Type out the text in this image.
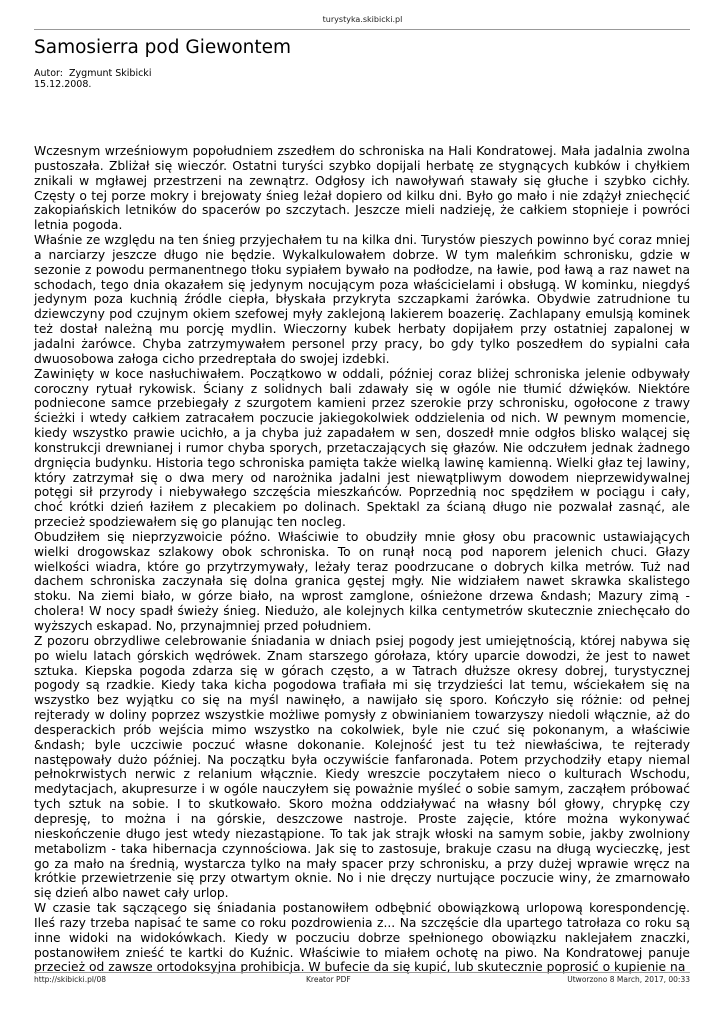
turystyka.skibicki.pl
Samosierra pod Giewontem
Autor: Zygmunt Skibicki
15.12.2008.

Wczesnym wrześniowym popołudniem zszedłem do schroniska na Hali Kondratowej. Mała jadalnia zwolna pustoszała. Zbliżał się wieczór. Ostatni turyści szybko dopijali herbatę ze stygnących kubków i chyłkiem znikali w mgławej przestrzeni na zewnątrz. Odgłosy ich nawoływań stawały się głuche i szybko cichły. Częsty o tej porze mokry i brejowaty śnieg leżał dopiero od kilku dni. Było go mało i nie zdążył zniechęcić zakopiańskich letników do spacerów po szczytach. Jeszcze mieli nadzieję, że całkiem stopnieje i powróci letnia pogoda.

Właśnie ze względu na ten śnieg przyjechałem tu na kilka dni. Turystów pieszych powinno być coraz mniej a narciarzy jeszcze długo nie będzie. Wykalkulowałem dobrze. W tym maleńkim schronisku, gdzie w sezonie z powodu permanentnego tłoku sypiałem bywało na podłodze, na ławie, pod ławą a raz nawet na schodach, tego dnia okazałem się jedynym nocującym poza właścicielami i obsługą. W kominku, niegdyś jedynym poza kuchnią źródle ciepła, błyskała przykryta szczapkami żarówka. Obydwie zatrudnione tu dziewczyny pod czujnym okiem szefowej myły zaklejoną lakierem boazerię. Zachlapany emulsją kominek też dostał należną mu porcję mydlin. Wieczorny kubek herbaty dopijałem przy ostatniej zapalonej w jadalni żarówce. Chyba zatrzymywałem personel przy pracy, bo gdy tylko poszedłem do sypialni cała dwuosobowa załoga cicho przedreptała do swojej izdebki.

Zawinięty w koce nasłuchiwałem. Początkowo w oddali, później coraz bliżej schroniska jelenie odbywały coroczny rytuał rykowisk. Ściany z solidnych bali zdawały się w ogóle nie tłumić dźwięków. Niektóre podniecone samce przebiegały z szurgotem kamieni przez szerokie przy schronisku, ogołocone z trawy ścieżki i wtedy całkiem zatracałem poczucie jakiegokolwiek oddzielenia od nich. W pewnym momencie, kiedy wszystko prawie ucichło, a ja chyba już zapadałem w sen, doszedł mnie odgłos blisko walącej się konstrukcji drewnianej i rumor chyba sporych, przetaczających się głazów. Nie odczułem jednak żadnego drgnięcia budynku. Historia tego schroniska pamięta także wielką lawinę kamienną. Wielki głaz tej lawiny, który zatrzymał się o dwa mery od narożnika jadalni jest niewątpliwym dowodem nieprzewidywalnej potęgi sił przyrody i niebywałego szczęścia mieszkańców. Poprzednią noc spędziłem w pociągu i cały, choć krótki dzień łaziłem z plecakiem po dolinach. Spektakl za ścianą długo nie pozwalał zasnąć, ale przecież spodziewałem się go planując ten nocleg.

Obudziłem się nieprzyzwoicie późno. Właściwie to obudziły mnie głosy obu pracownic ustawiających wielki drogowskaz szlakowy obok schroniska. To on runął nocą pod naporem jelenich chuci. Głazy wielkości wiadra, które go przytrzymywały, leżały teraz poodrzucane o dobrych kilka metrów. Tuż nad dachem schroniska zaczynała się dolna granica gęstej mgły. Nie widziałem nawet skrawka skalistego stoku. Na ziemi biało, w górze biało, na wprost zamglone, ośnieżone drzewa &ndash; Mazury zimą - cholera! W nocy spadł świeży śnieg. Niedużo, ale kolejnych kilka centymetrów skutecznie zniechęcało do wyższych eskapad. No, przynajmniej przed południem.

Z pozoru obrzydliwe celebrowanie śniadania w dniach psiej pogody jest umiejętnością, której nabywa się po wielu latach górskich wędrówek. Znam starszego górołaza, który uparcie dowodzi, że jest to nawet sztuka. Kiepska pogoda zdarza się w górach często, a w Tatrach dłuższe okresy dobrej, turystycznej pogody są rzadkie. Kiedy taka kicha pogodowa trafiała mi się trzydzieści lat temu, wściekałem się na wszystko bez wyjątku co się na myśl nawinęło, a nawijało się sporo. Kończyło się różnie: od pełnej rejterady w doliny poprzez wszystkie możliwe pomysły z obwinianiem towarzyszy niedoli włącznie, aż do desperackich prób wejścia mimo wszystko na cokolwiek, byle nie czuć się pokonanym, a właściwie &ndash; byle uczciwie poczuć własne dokonanie. Kolejność jest tu też niewłaściwa, te rejterady następowały dużo później. Na początku była oczywiście fanfaronada. Potem przychodziły etapy niemal pełnokrwistych nerwic z relanium włącznie. Kiedy wreszcie poczytałem nieco o kulturach Wschodu, medytacjach, akupresurze i w ogóle nauczyłem się poważnie myśleć o sobie samym, zacząłem próbować tych sztuk na sobie. I to skutkowało. Skoro można oddziaływać na własny ból głowy, chrypkę czy depresję, to można i na górskie, deszczowe nastroje. Proste zajęcie, które można wykonywać nieskończenie długo jest wtedy niezastąpione. To tak jak strajk włoski na samym sobie, jakby zwolniony metabolizm - taka hibernacja czynnościowa. Jak się to zastosuje, brakuje czasu na długą wycieczkę, jest go za mało na średnią, wystarcza tylko na mały spacer przy schronisku, a przy dużej wprawie wręcz na krótkie przewietrzenie się przy otwartym oknie. No i nie dręczy nurtujące poczucie winy, że zmarnowało się dzień albo nawet cały urlop.

W czasie tak sączącego się śniadania postanowiłem odbębnić obowiązkową urlopową korespondencję. Ileś razy trzeba napisać te same co roku pozdrowienia z... Na szczęście dla upartego tatrołaza co roku są inne widoki na widokówkach. Kiedy w poczuciu dobrze spełnionego obowiązku naklejałem znaczki, postanowiłem znieść te kartki do Kuźnic. Właściwie to miałem ochotę na piwo. Na Kondratowej panuje przecież od zawsze ortodoksyjna prohibicja. W bufecie da się kupić, lub skutecznie poprosić o kupienie na

http://skibicki.pl/08	Kreator PDF	Utworzono 8 March, 2017, 00:33
